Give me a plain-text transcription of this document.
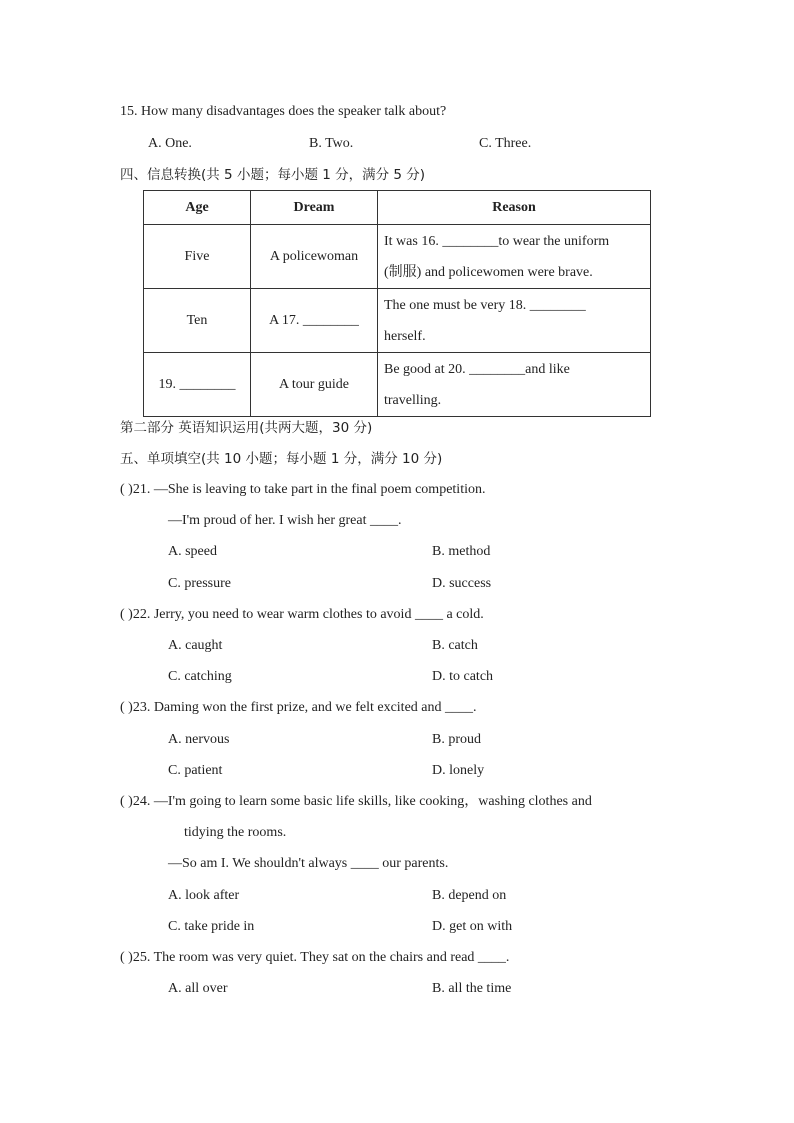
15. How many disadvantages does the speaker talk about?
A. One.	B. Two.	C. Three.
四、信息转换(共 5 小题；每小题 1 分，满分 5 分)
Age	Dream	Reason
Five	A policewoman	It was 16. ________to wear the uniform
(制服) and policewomen were brave.

Ten	A 17. ________	The one must be very 18. ________
herself.

19. ________	A tour guide	Be good at 20. ________and like
travelling.
第二部分 英语知识运用(共两大题，30 分)
五、单项填空(共 10 小题；每小题 1 分，满分 10 分)
( )21. —She is leaving to take part in the final poem competition.
—I'm proud of her. I wish her great ____.
A. speed	B. method
C. pressure	D. success
( )22. Jerry, you need to wear warm clothes to avoid ____ a cold.
A. caught	B. catch
C. catching	D. to catch
( )23. Daming won the first prize, and we felt excited and ____.
A. nervous	B. proud
C. patient	D. lonely
( )24. —I'm going to learn some basic life skills, like cooking，washing clothes and
tidying the rooms.
—So am I. We shouldn't always ____ our parents.
A. look after	B. depend on
C. take pride in	D. get on with
( )25. The room was very quiet. They sat on the chairs and read ____.
A. all over	B. all the time
